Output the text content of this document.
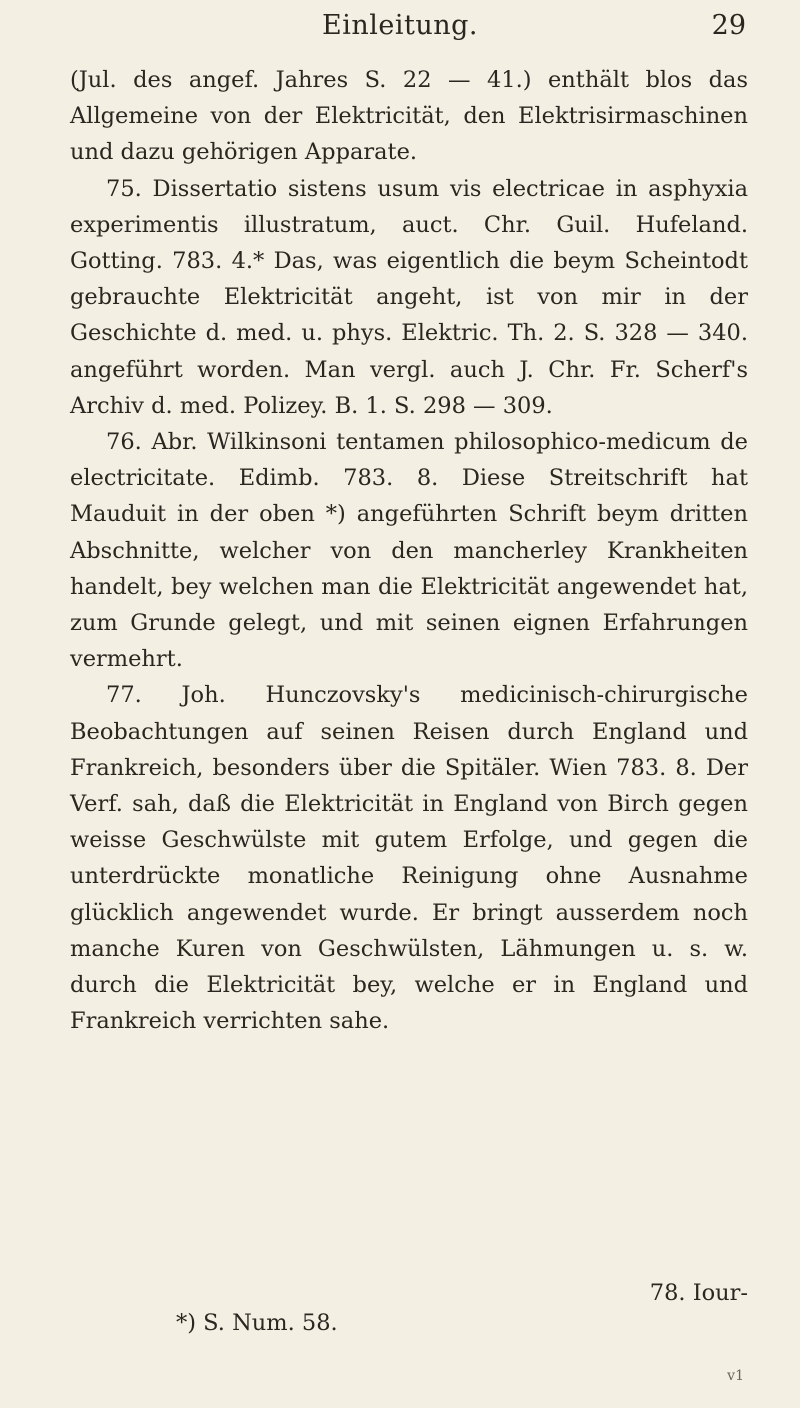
Einleitung.	29

(Jul. des angef. Jahres S. 22 — 41.) enthält blos das Allgemeine von der Elektricität, den Elektrisirmaschinen und dazu gehörigen Apparate.

75. Dissertatio sistens usum vis electricae in asphyxia experimentis illustratum, auct. Chr. Guil. Hufeland. Gotting. 783. 4.* Das, was eigentlich die beym Scheintodt gebrauchte Elektricität angeht, ist von mir in der Geschichte d. med. u. phys. Elektric. Th. 2. S. 328 — 340. angeführt worden. Man vergl. auch J. Chr. Fr. Scherf's Archiv d. med. Polizey. B. 1. S. 298 — 309.

76. Abr. Wilkinsoni tentamen philosophico-medicum de electricitate. Edimb. 783. 8. Diese Streitschrift hat Mauduit in der oben *) angeführten Schrift beym dritten Abschnitte, welcher von den mancherley Krankheiten handelt, bey welchen man die Elektricität angewendet hat, zum Grunde gelegt, und mit seinen eignen Erfahrungen vermehrt.

77. Joh. Hunczovsky's medicinisch-chirurgische Beobachtungen auf seinen Reisen durch England und Frankreich, besonders über die Spitäler. Wien 783. 8. Der Verf. sah, daß die Elektricität in England von Birch gegen weisse Geschwülste mit gutem Erfolge, und gegen die unterdrückte monatliche Reinigung ohne Ausnahme glücklich angewendet wurde. Er bringt ausserdem noch manche Kuren von Geschwülsten, Lähmungen u. s. w. durch die Elektricität bey, welche er in England und Frankreich verrichten sahe.

78. Iour-
*) S. Num. 58.
v1
